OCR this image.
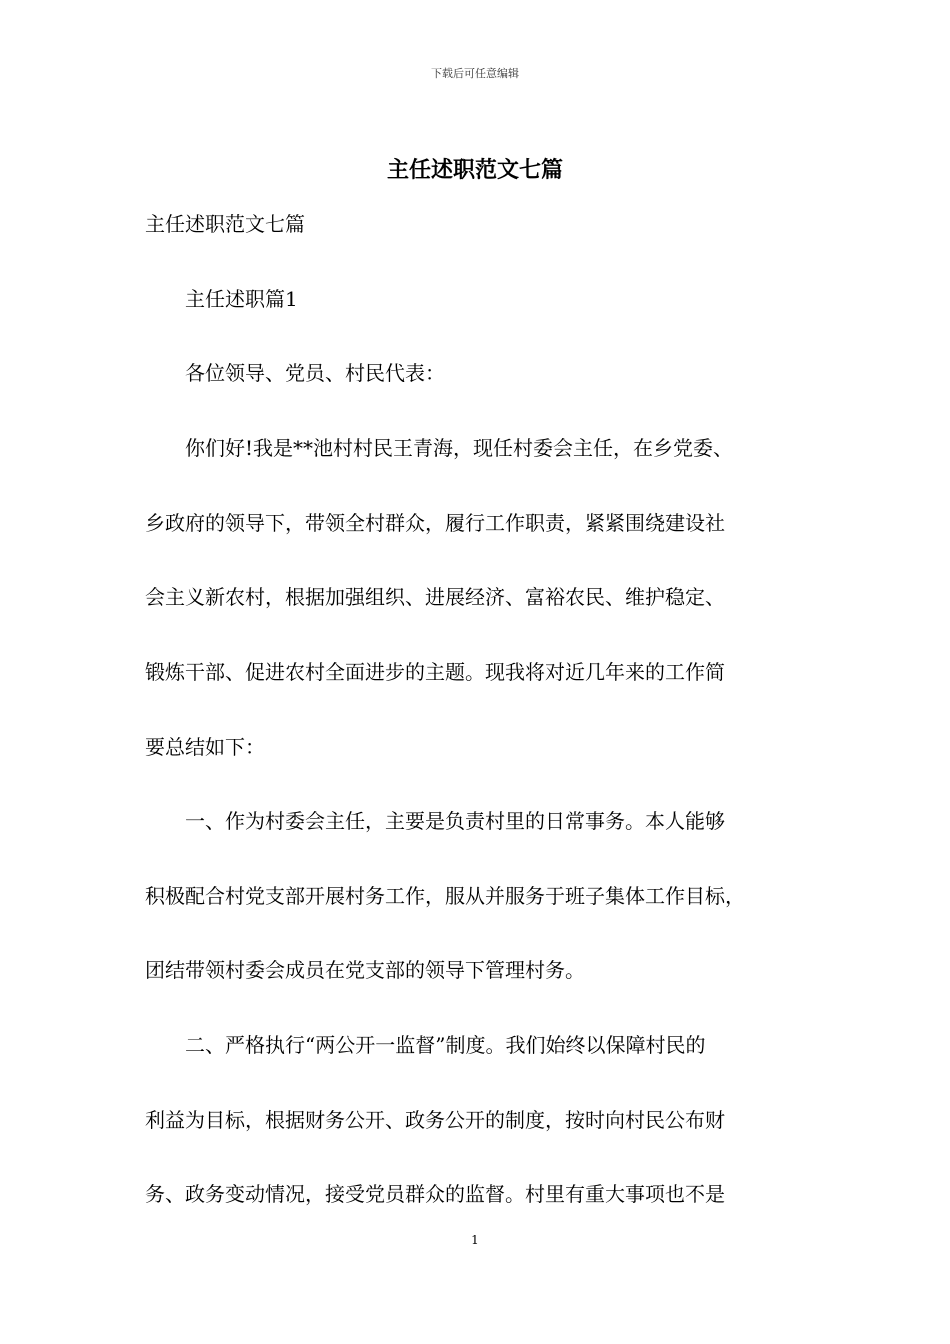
下载后可任意编辑
主任述职范文七篇

主任述职范文七篇

　　主任述职篇1

　　各位领导、党员、村民代表：

　　你们好!我是**池村村民王青海，现任村委会主任，在乡党委、

乡政府的领导下，带领全村群众，履行工作职责，紧紧围绕建设社

会主义新农村，根据加强组织、进展经济、富裕农民、维护稳定、

锻炼干部、促进农村全面进步的主题。现我将对近几年来的工作简

要总结如下：

　　一、作为村委会主任，主要是负责村里的日常事务。本人能够

积极配合村党支部开展村务工作，服从并服务于班子集体工作目标，

团结带领村委会成员在党支部的领导下管理村务。

　　二、严格执行“两公开一监督”制度。我们始终以保障村民的

利益为目标，根据财务公开、政务公开的制度，按时向村民公布财

务、政务变动情况，接受党员群众的监督。村里有重大事项也不是

1
